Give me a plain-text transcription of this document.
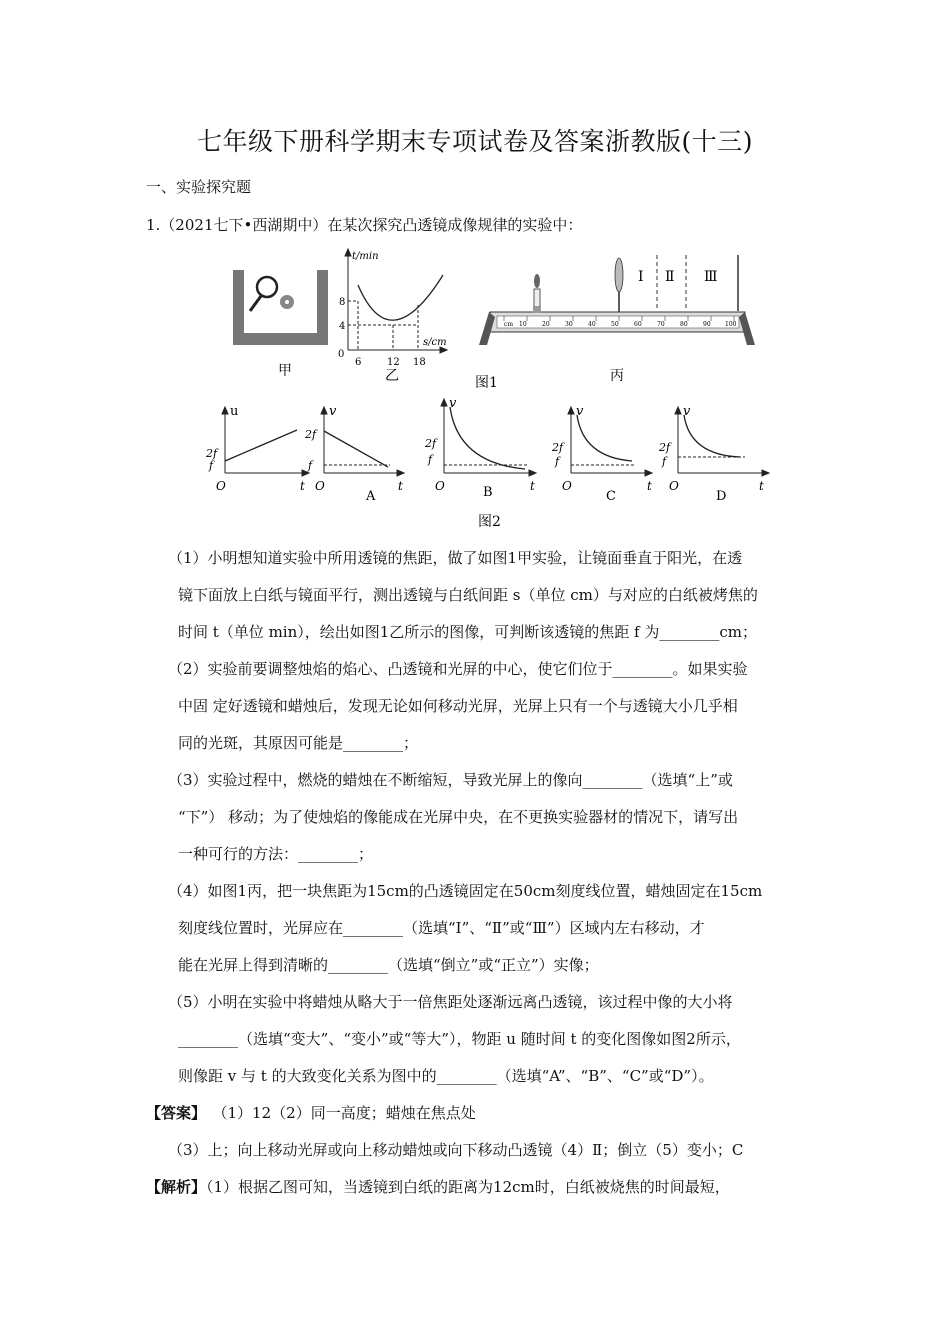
七年级下册科学期末专项试卷及答案浙教版(十三)
一、实验探究题
1.（2021七下•西湖期中）在某次探究凸透镜成像规律的实验中：
甲
t/min
s/cm
0
8
4
6	12 18
乙	图1
cm 10	20	30	40	50	60	70	80	90 100
Ⅰ Ⅱ Ⅲ
丙
u
2f
f
O	t
v
2f
f
O	t
A
v
2f
f
O	t
B
v
2f
f
O	t
C
v
2f
f
O	t
D
图2
（1）小明想知道实验中所用透镜的焦距，做了如图1甲实验，让镜面垂直于阳光，在透
镜下面放上白纸与镜面平行，测出透镜与白纸间距 s（单位 cm）与对应的白纸被烤焦的
时间 t（单位 min），绘出如图1乙所示的图像，可判断该透镜的焦距 f 为________cm；
（2）实验前要调整烛焰的焰心、凸透镜和光屏的中心，使它们位于________。如果实验
中固 定好透镜和蜡烛后，发现无论如何移动光屏，光屏上只有一个与透镜大小几乎相
同的光斑，其原因可能是________；
（3）实验过程中，燃烧的蜡烛在不断缩短，导致光屏上的像向________（选填“上”或
“下”） 移动；为了使烛焰的像能成在光屏中央，在不更换实验器材的情况下，请写出
一种可行的方法：________；
（4）如图1丙，把一块焦距为15cm的凸透镜固定在50cm刻度线位置，蜡烛固定在15cm
刻度线位置时，光屏应在________（选填“Ⅰ”、“Ⅱ”或“Ⅲ”）区域内左右移动，才
能在光屏上得到清晰的________（选填“倒立”或“正立”）实像；
（5）小明在实验中将蜡烛从略大于一倍焦距处逐渐远离凸透镜，该过程中像的大小将
________（选填“变大”、“变小”或“等大”），物距 u 随时间 t 的变化图像如图2所示，
则像距 v 与 t 的大致变化关系为图中的________（选填“A”、“B”、“C”或“D”）。
【答案】 （1）12（2）同一高度；蜡烛在焦点处
（3）上；向上移动光屏或向上移动蜡烛或向下移动凸透镜（4）Ⅱ；倒立（5）变小；C
【解析】（1）根据乙图可知，当透镜到白纸的距离为12cm时，白纸被烧焦的时间最短，
